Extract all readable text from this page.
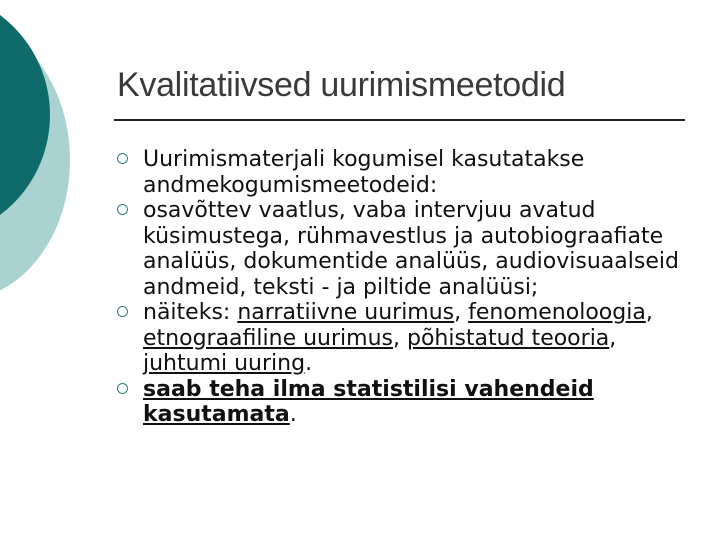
Kvalitatiivsed uurimismeetodid
Uurimismaterjali kogumisel kasutatakse andmekogumismeetodeid:
osavõttev vaatlus, vaba intervjuu avatud küsimustega, rühmavestlus ja autobiograafiate analüüs, dokumentide analüüs, audiovisuaalseid andmeid, teksti - ja piltide analüüsi;
näiteks: narratiivne uurimus, fenomenoloogia, etnograafiline uurimus, põhistatud teooria, juhtumi uuring.
saab teha ilma statistilisi vahendeid kasutamata.
